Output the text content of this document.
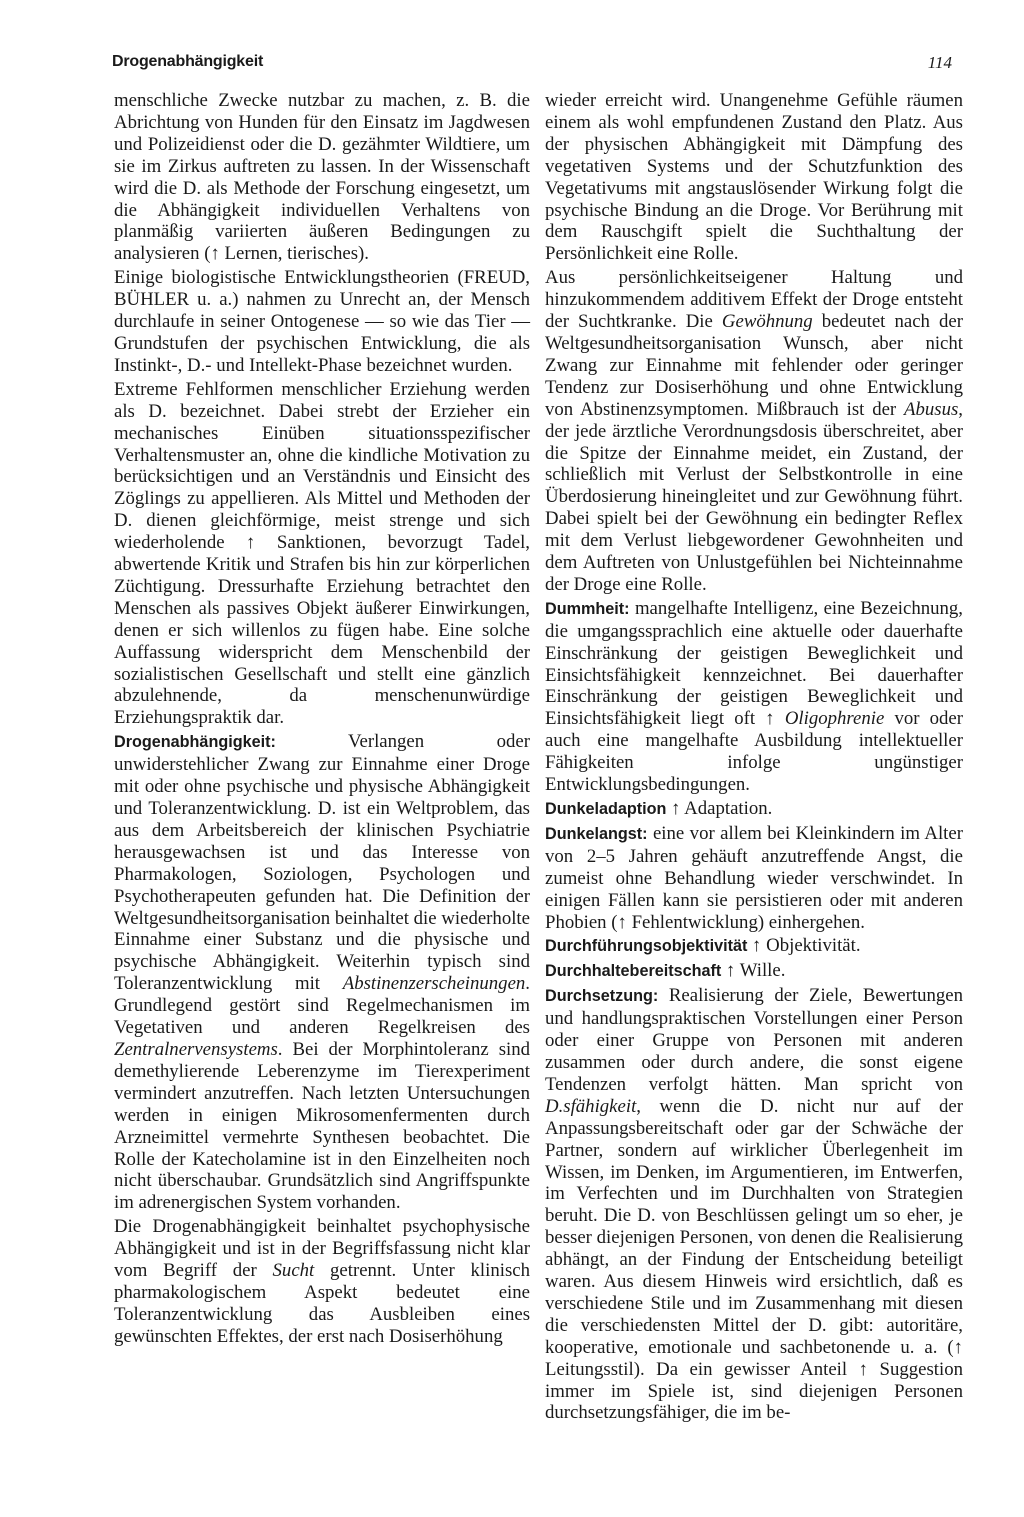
Drogenabhängigkeit	114

menschliche Zwecke nutzbar zu machen, z. B. die Abrichtung von Hunden für den Einsatz im Jagdwesen und Polizeidienst oder die D. gezähmter Wildtiere, um sie im Zirkus auftreten zu lassen. In der Wissenschaft wird die D. als Methode der Forschung eingesetzt, um die Abhängigkeit individuellen Verhaltens von planmäßig variierten äußeren Bedingungen zu analysieren (↑ Lernen, tierisches).

Einige biologistische Entwicklungstheorien (FREUD, BÜHLER u. a.) nahmen zu Unrecht an, der Mensch durchlaufe in seiner Ontogenese — so wie das Tier — Grundstufen der psychischen Entwicklung, die als Instinkt-, D.- und Intellekt-Phase bezeichnet wurden.

Extreme Fehlformen menschlicher Erziehung werden als D. bezeichnet. Dabei strebt der Erzieher ein mechanisches Einüben situationsspezifischer Verhaltensmuster an, ohne die kindliche Motivation zu berücksichtigen und an Verständnis und Einsicht des Zöglings zu appellieren. Als Mittel und Methoden der D. dienen gleichförmige, meist strenge und sich wiederholende ↑ Sanktionen, bevorzugt Tadel, abwertende Kritik und Strafen bis hin zur körperlichen Züchtigung. Dressurhafte Erziehung betrachtet den Menschen als passives Objekt äußerer Einwirkungen, denen er sich willenlos zu fügen habe. Eine solche Auffassung widerspricht dem Menschenbild der sozialistischen Gesellschaft und stellt eine gänzlich abzulehnende, da menschenunwürdige Erziehungspraktik dar.

Drogenabhängigkeit: Verlangen oder unwiderstehlicher Zwang zur Einnahme einer Droge mit oder ohne psychische und physische Abhängigkeit und Toleranzentwicklung. D. ist ein Weltproblem, das aus dem Arbeitsbereich der klinischen Psychiatrie herausgewachsen ist und das Interesse von Pharmakologen, Soziologen, Psychologen und Psychotherapeuten gefunden hat. Die Definition der Weltgesundheitsorganisation beinhaltet die wiederholte Einnahme einer Substanz und die physische und psychische Abhängigkeit. Weiterhin typisch sind Toleranzentwicklung mit Abstinenzerscheinungen. Grundlegend gestört sind Regelmechanismen im Vegetativen und anderen Regelkreisen des Zentralnervensystems. Bei der Morphintoleranz sind demethylierende Leberenzyme im Tierexperiment vermindert anzutreffen. Nach letzten Untersuchungen werden in einigen Mikrosomenfermenten durch Arzneimittel vermehrte Synthesen beobachtet. Die Rolle der Katecholamine ist in den Einzelheiten noch nicht überschaubar. Grundsätzlich sind Angriffspunkte im adrenergischen System vorhanden.

Die Drogenabhängigkeit beinhaltet psychophysische Abhängigkeit und ist in der Begriffsfassung nicht klar vom Begriff der Sucht getrennt. Unter klinisch pharmakologischem Aspekt bedeutet eine Toleranzentwicklung das Ausbleiben eines gewünschten Effektes, der erst nach Dosiserhöhung

wieder erreicht wird. Unangenehme Gefühle räumen einem als wohl empfundenen Zustand den Platz. Aus der physischen Abhängigkeit mit Dämpfung des vegetativen Systems und der Schutzfunktion des Vegetativums mit angstauslösender Wirkung folgt die psychische Bindung an die Droge. Vor Berührung mit dem Rauschgift spielt die Suchthaltung der Persönlichkeit eine Rolle.

Aus persönlichkeitseigener Haltung und hinzukommendem additivem Effekt der Droge entsteht der Suchtkranke. Die Gewöhnung bedeutet nach der Weltgesundheitsorganisation Wunsch, aber nicht Zwang zur Einnahme mit fehlender oder geringer Tendenz zur Dosiserhöhung und ohne Entwicklung von Abstinenzsymptomen. Mißbrauch ist der Abusus, der jede ärztliche Verordnungsdosis überschreitet, aber die Spitze der Einnahme meidet, ein Zustand, der schließlich mit Verlust der Selbstkontrolle in eine Überdosierung hineingleitet und zur Gewöhnung führt. Dabei spielt bei der Gewöhnung ein bedingter Reflex mit dem Verlust liebgewordener Gewohnheiten und dem Auftreten von Unlustgefühlen bei Nichteinnahme der Droge eine Rolle.

Dummheit: mangelhafte Intelligenz, eine Bezeichnung, die umgangssprachlich eine aktuelle oder dauerhafte Einschränkung der geistigen Beweglichkeit und Einsichtsfähigkeit kennzeichnet. Bei dauerhafter Einschränkung der geistigen Beweglichkeit und Einsichtsfähigkeit liegt oft ↑ Oligophrenie vor oder auch eine mangelhafte Ausbildung intellektueller Fähigkeiten infolge ungünstiger Entwicklungsbedingungen.

Dunkeladaption ↑ Adaptation.

Dunkelangst: eine vor allem bei Kleinkindern im Alter von 2–5 Jahren gehäuft anzutreffende Angst, die zumeist ohne Behandlung wieder verschwindet. In einigen Fällen kann sie persistieren oder mit anderen Phobien (↑ Fehlentwicklung) einhergehen.

Durchführungsobjektivität ↑ Objektivität.

Durchhaltebereitschaft ↑ Wille.

Durchsetzung: Realisierung der Ziele, Bewertungen und handlungspraktischen Vorstellungen einer Person oder einer Gruppe von Personen mit anderen zusammen oder durch andere, die sonst eigene Tendenzen verfolgt hätten. Man spricht von D.sfähigkeit, wenn die D. nicht nur auf der Anpassungsbereitschaft oder gar der Schwäche der Partner, sondern auf wirklicher Überlegenheit im Wissen, im Denken, im Argumentieren, im Entwerfen, im Verfechten und im Durchhalten von Strategien beruht. Die D. von Beschlüssen gelingt um so eher, je besser diejenigen Personen, von denen die Realisierung abhängt, an der Findung der Entscheidung beteiligt waren. Aus diesem Hinweis wird ersichtlich, daß es verschiedene Stile und im Zusammenhang mit diesen die verschiedensten Mittel der D. gibt: autoritäre, kooperative, emotionale und sachbetonende u. a. (↑ Leitungsstil). Da ein gewisser Anteil ↑ Suggestion immer im Spiele ist, sind diejenigen Personen durchsetzungsfähiger, die im be-
